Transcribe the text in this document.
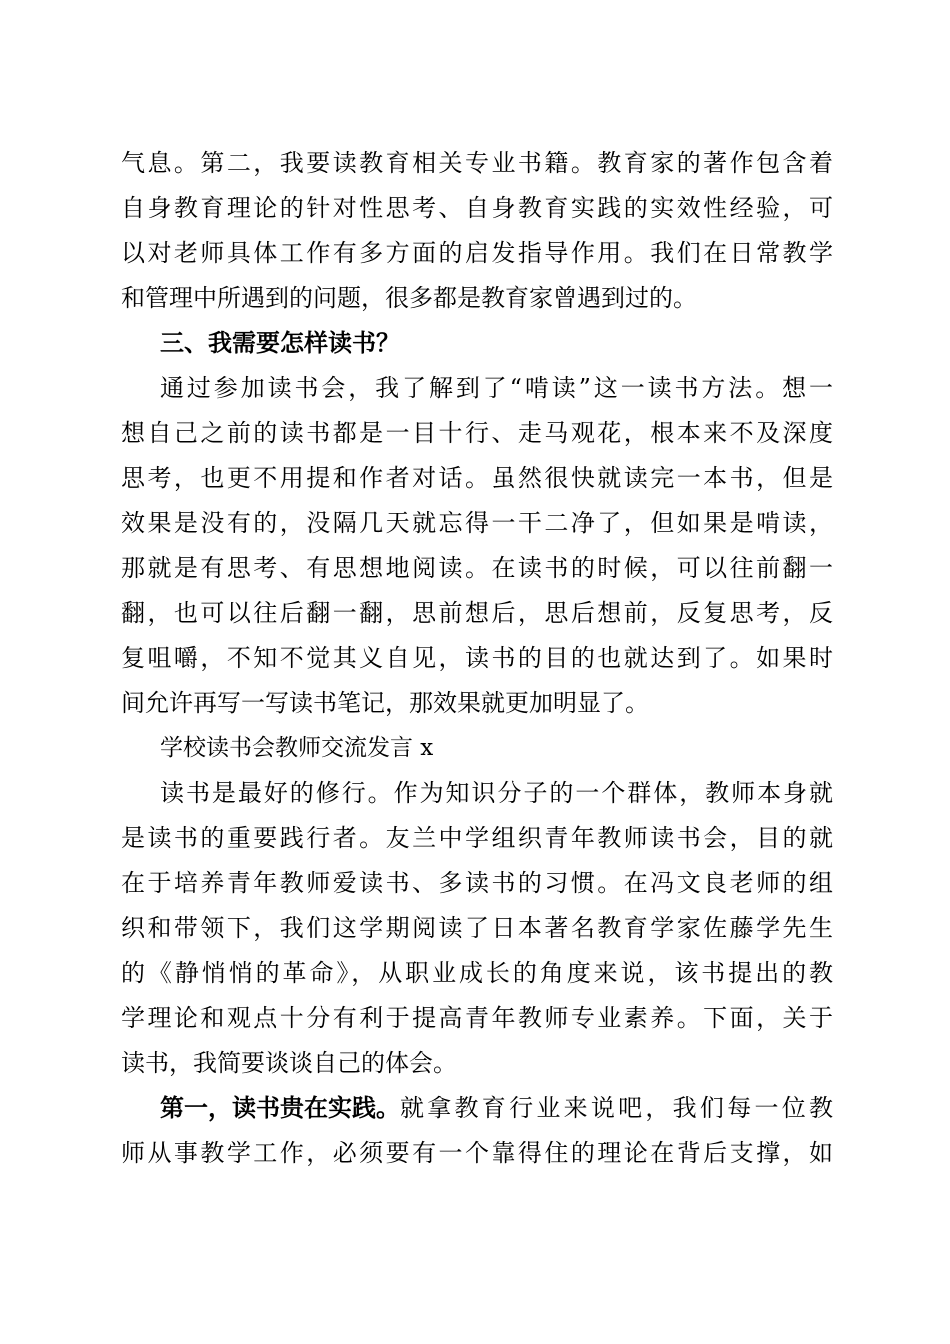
气息。第二，我要读教育相关专业书籍。教育家的著作包含着
自身教育理论的针对性思考、自身教育实践的实效性经验，可
以对老师具体工作有多方面的启发指导作用。我们在日常教学
和管理中所遇到的问题，很多都是教育家曾遇到过的。
三、我需要怎样读书？
通过参加读书会，我了解到了“啃读”这一读书方法。想一
想自己之前的读书都是一目十行、走马观花，根本来不及深度
思考，也更不用提和作者对话。虽然很快就读完一本书，但是
效果是没有的，没隔几天就忘得一干二净了，但如果是啃读，
那就是有思考、有思想地阅读。在读书的时候，可以往前翻一
翻，也可以往后翻一翻，思前想后，思后想前，反复思考，反
复咀嚼，不知不觉其义自见，读书的目的也就达到了。如果时
间允许再写一写读书笔记，那效果就更加明显了。
学校读书会教师交流发言 x
读书是最好的修行。作为知识分子的一个群体，教师本身就
是读书的重要践行者。友兰中学组织青年教师读书会，目的就
在于培养青年教师爱读书、多读书的习惯。在冯文良老师的组
织和带领下，我们这学期阅读了日本著名教育学家佐藤学先生
的《静悄悄的革命》，从职业成长的角度来说，该书提出的教
学理论和观点十分有利于提高青年教师专业素养。下面，关于
读书，我简要谈谈自己的体会。
第一，读书贵在实践。 就拿教育行业来说吧，我们每一位教
师从事教学工作，必须要有一个靠得住的理论在背后支撑，如
